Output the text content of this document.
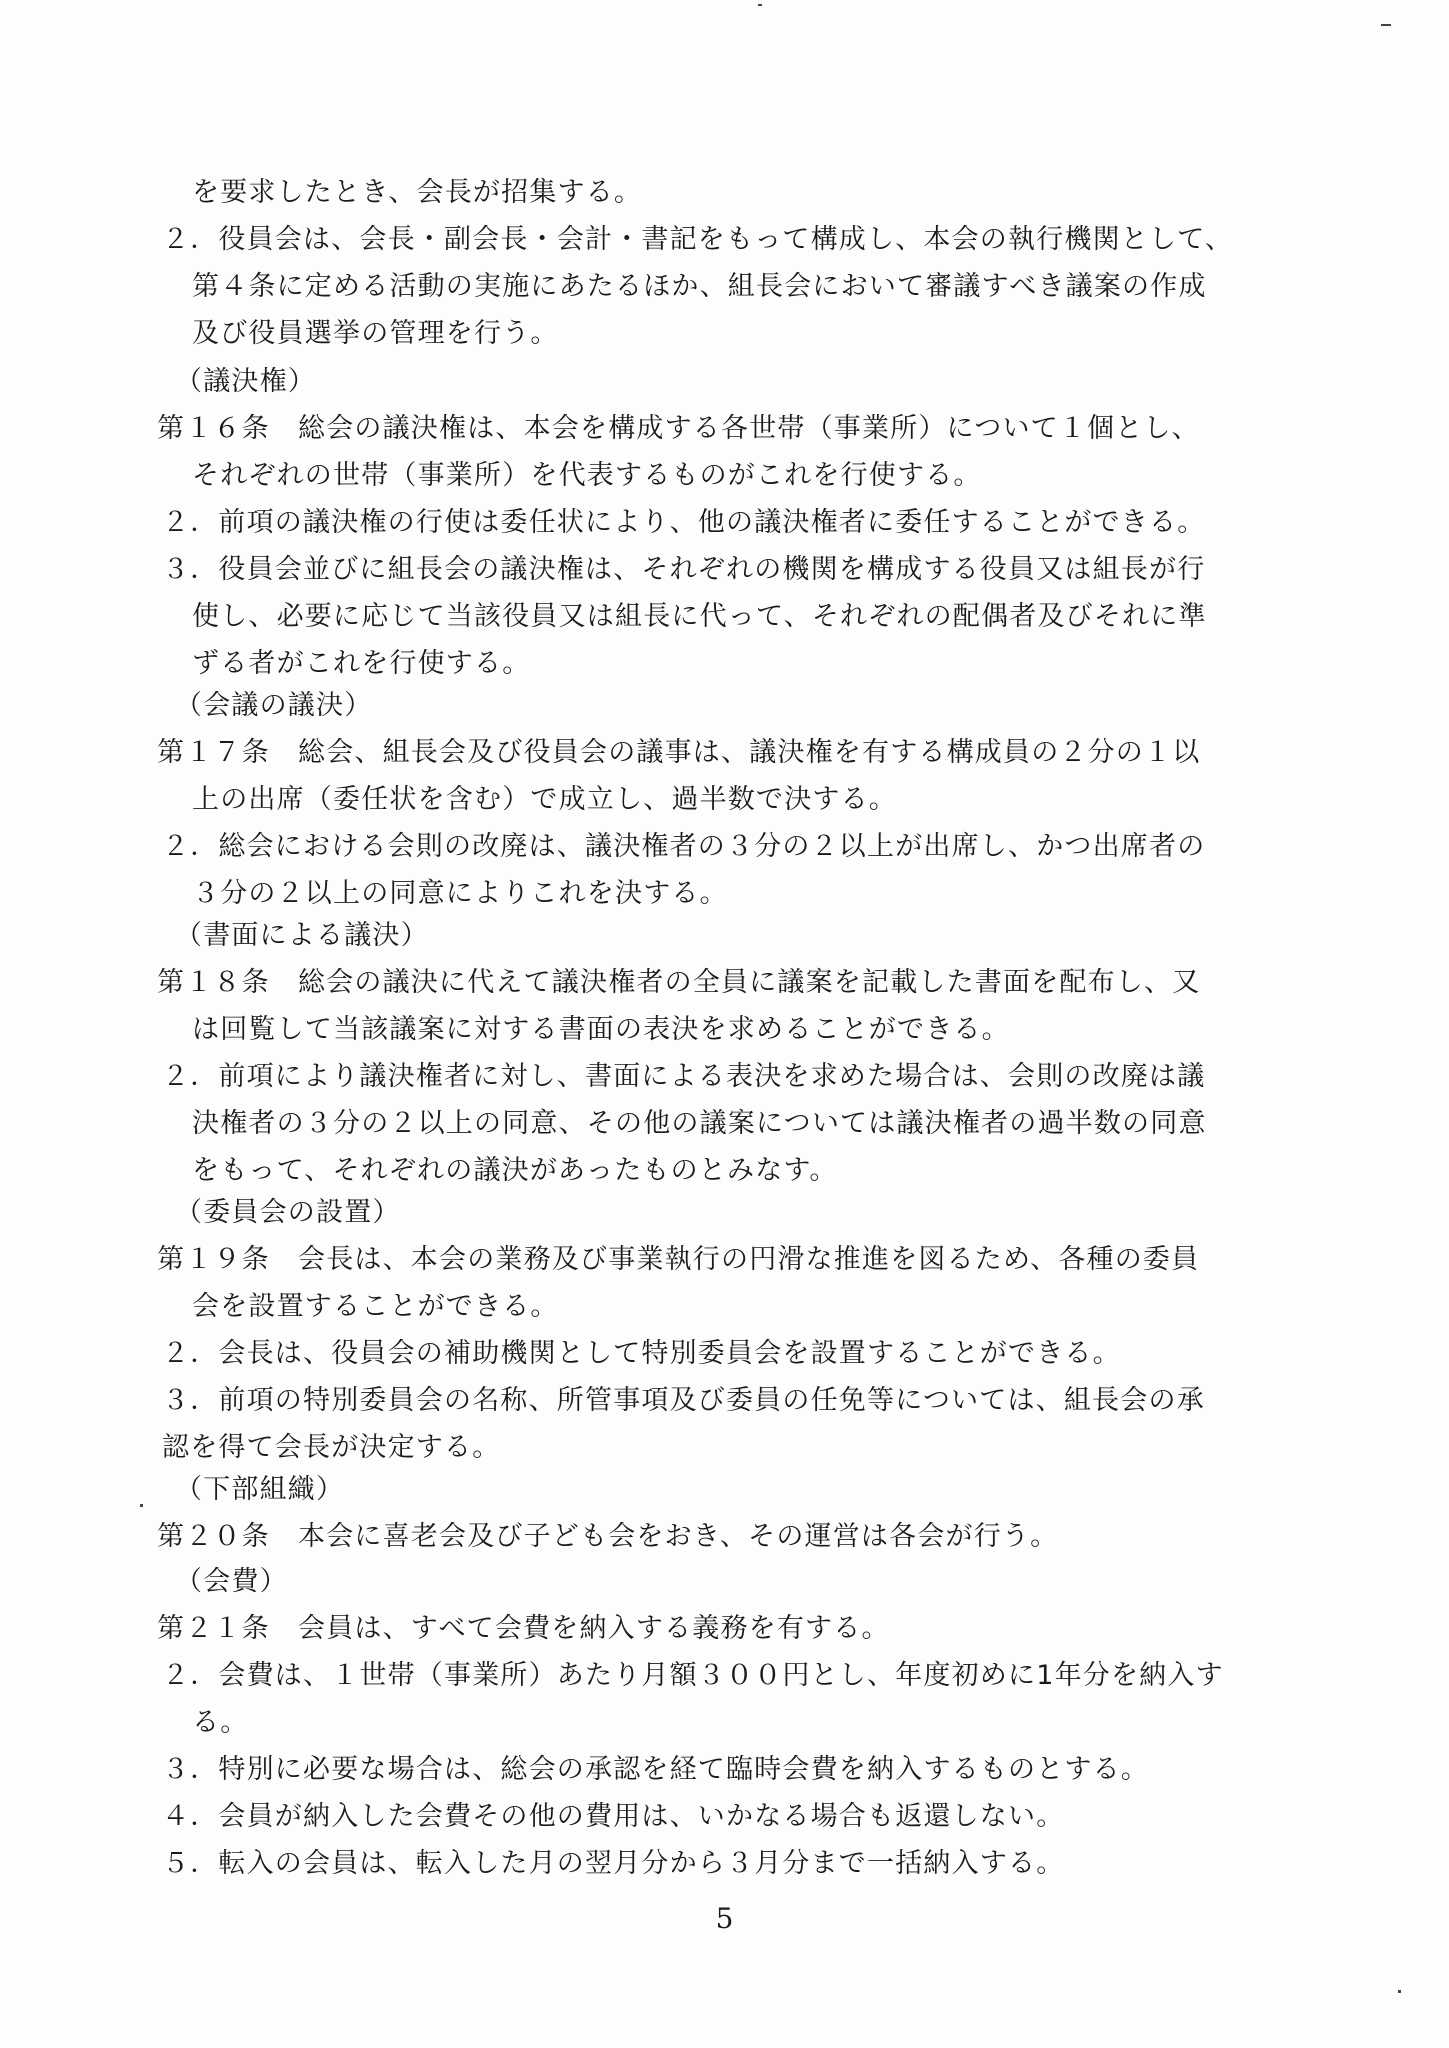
を要求したとき、会長が招集する。
２．役員会は、会長・副会長・会計・書記をもって構成し、本会の執行機関として、
第４条に定める活動の実施にあたるほか、組長会において審議すべき議案の作成
及び役員選挙の管理を行う。
（議決権）
第１６条　総会の議決権は、本会を構成する各世帯（事業所）について１個とし、
それぞれの世帯（事業所）を代表するものがこれを行使する。
２．前項の議決権の行使は委任状により、他の議決権者に委任することができる。
３．役員会並びに組長会の議決権は、それぞれの機関を構成する役員又は組長が行
使し、必要に応じて当該役員又は組長に代って、それぞれの配偶者及びそれに準
ずる者がこれを行使する。
（会議の議決）
第１７条　総会、組長会及び役員会の議事は、議決権を有する構成員の２分の１以
上の出席（委任状を含む）で成立し、過半数で決する。
２．総会における会則の改廃は、議決権者の３分の２以上が出席し、かつ出席者の
３分の２以上の同意によりこれを決する。
（書面による議決）
第１８条　総会の議決に代えて議決権者の全員に議案を記載した書面を配布し、又
は回覧して当該議案に対する書面の表決を求めることができる。
２．前項により議決権者に対し、書面による表決を求めた場合は、会則の改廃は議
決権者の３分の２以上の同意、その他の議案については議決権者の過半数の同意
をもって、それぞれの議決があったものとみなす。
（委員会の設置）
第１９条　会長は、本会の業務及び事業執行の円滑な推進を図るため、各種の委員
会を設置することができる。
２．会長は、役員会の補助機関として特別委員会を設置することができる。
３．前項の特別委員会の名称、所管事項及び委員の任免等については、組長会の承
認を得て会長が決定する。
（下部組織）
第２０条　本会に喜老会及び子ども会をおき、その運営は各会が行う。
（会費）
第２１条　会員は、すべて会費を納入する義務を有する。
２．会費は、１世帯（事業所）あたり月額３００円とし、年度初めに1年分を納入す
る。
３．特別に必要な場合は、総会の承認を経て臨時会費を納入するものとする。
４．会員が納入した会費その他の費用は、いかなる場合も返還しない。
５．転入の会員は、転入した月の翌月分から３月分まで一括納入する。
5
